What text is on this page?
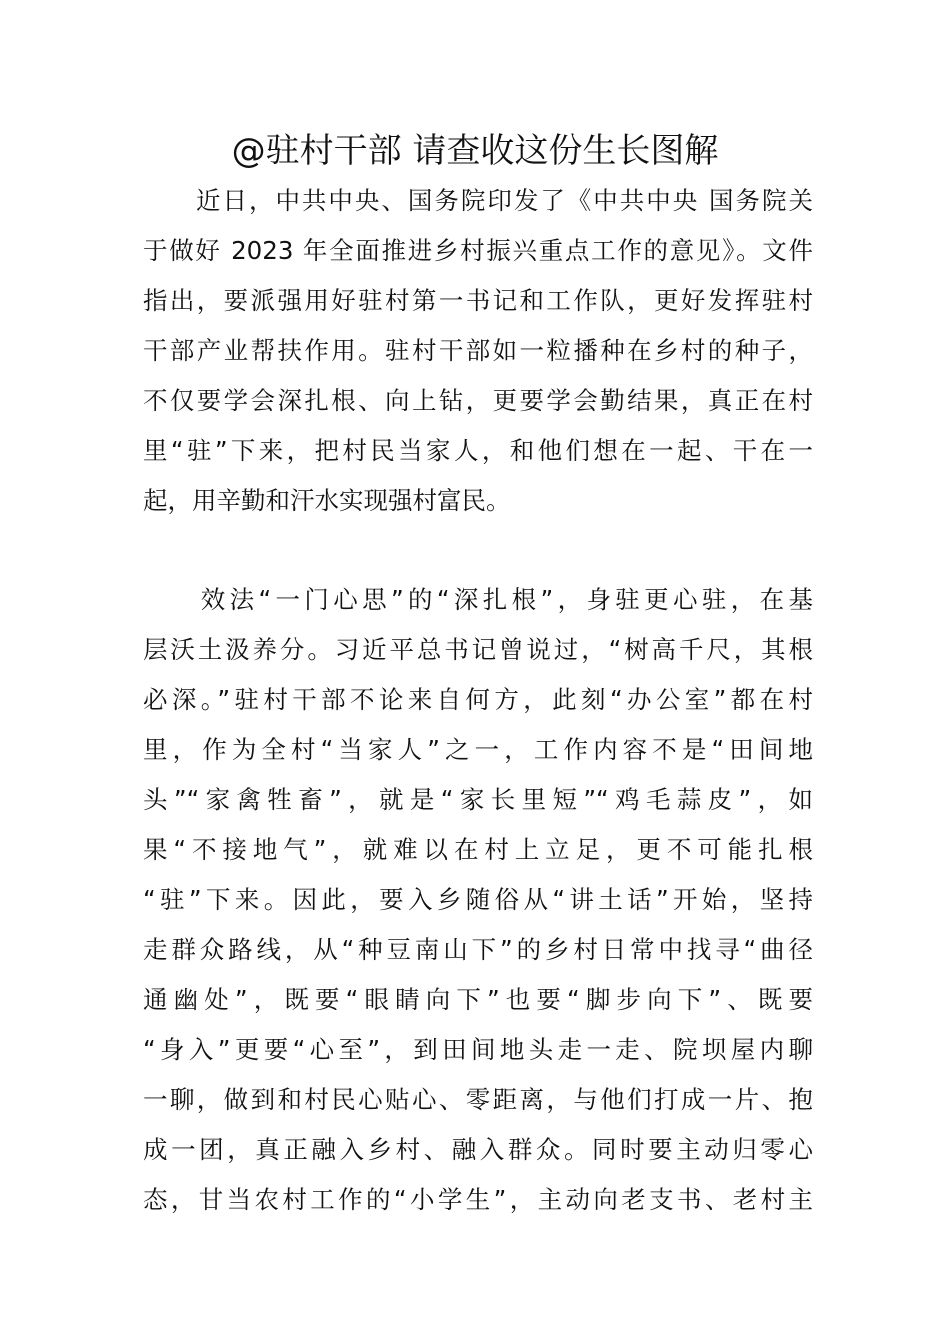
@驻村干部 请查收这份生长图解
　　近日，中共中央、国务院印发了《中共中央 国务院关
于做好 2023 年全面推进乡村振兴重点工作的意见》。文件
指出，要派强用好驻村第一书记和工作队，更好发挥驻村
干部产业帮扶作用。驻村干部如一粒播种在乡村的种子，
不仅要学会深扎根、向上钻，更要学会勤结果，真正在村
里“驻”下来，把村民当家人，和他们想在一起、干在一
起，用辛勤和汗水实现强村富民。
　　效法“一门心思”的“深扎根”，身驻更心驻，在基
层沃土汲养分。习近平总书记曾说过，“树高千尺，其根
必深。”驻村干部不论来自何方，此刻“办公室”都在村
里，作为全村“当家人”之一，工作内容不是“田间地
头”“家禽牲畜”，就是“家长里短”“鸡毛蒜皮”，如
果“不接地气”，就难以在村上立足，更不可能扎根
“驻”下来。因此，要入乡随俗从“讲土话”开始，坚持
走群众路线，从“种豆南山下”的乡村日常中找寻“曲径
通幽处”，既要“眼睛向下”也要“脚步向下”、既要
“身入”更要“心至”，到田间地头走一走、院坝屋内聊
一聊，做到和村民心贴心、零距离，与他们打成一片、抱
成一团，真正融入乡村、融入群众。同时要主动归零心
态，甘当农村工作的“小学生”，主动向老支书、老村主
